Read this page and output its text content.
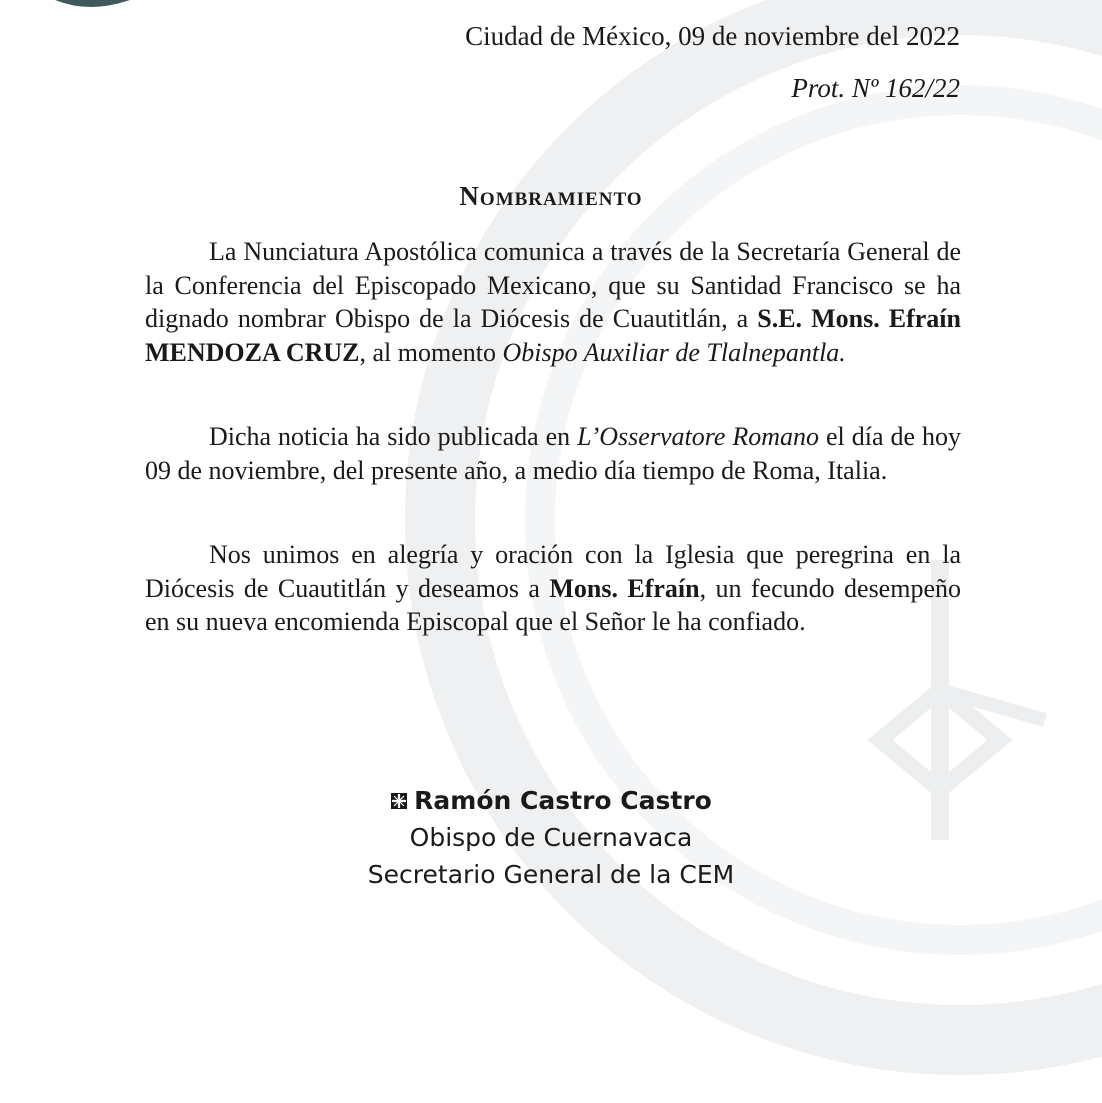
Ciudad de México, 09 de noviembre del 2022
Prot. Nº 162/22
Nombramiento

La Nunciatura Apostólica comunica a través de la Secretaría General de la Conferencia del Episcopado Mexicano, que su Santidad Francisco se ha dignado nombrar Obispo de la Diócesis de Cuautitlán, a S.E. Mons. Efraín MENDOZA CRUZ, al momento Obispo Auxiliar de Tlalnepantla.

Dicha noticia ha sido publicada en L’Osservatore Romano el día de hoy 09 de noviembre, del presente año, a medio día tiempo de Roma, Italia.

Nos unimos en alegría y oración con la Iglesia que peregrina en la Diócesis de Cuautitlán y deseamos a Mons. Efraín, un fecundo desempeño en su nueva encomienda Episcopal que el Señor le ha confiado.

Ramón Castro Castro
Obispo de Cuernavaca
Secretario General de la CEM
